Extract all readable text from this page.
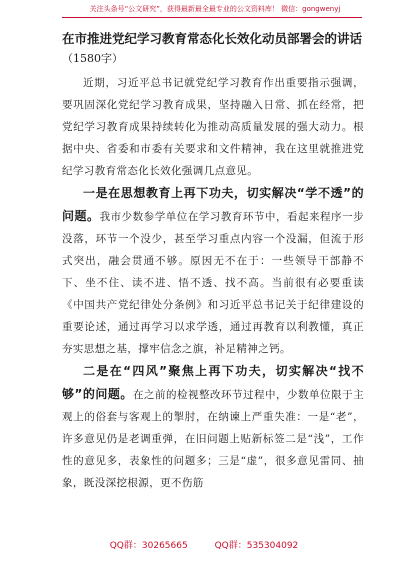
关注头条号“公文研究”，获得最新最全最专业的公文资料库！ 微信：gongwenyj
在市推进党纪学习教育常态化长效化动员部署会的讲话
（1580字）

近期，习近平总书记就党纪学习教育作出重要指示强调，要巩固深化党纪学习教育成果，坚持融入日常、抓在经常，把党纪学习教育成果持续转化为推动高质量发展的强大动力。根据中央、省委和市委有关要求和文件精神，我在这里就推进党纪学习教育常态化长效化强调几点意见。

一是在思想教育上再下功夫，切实解决“学不透”的问题。我市少数参学单位在学习教育环节中，看起来程序一步没落，环节一个没少，甚至学习重点内容一个没漏，但流于形式突出，融会贯通不够。原因无不在于：一些领导干部静不下、坐不住、读不进、悟不透、找不高。当前很有必要重读《中国共产党纪律处分条例》和习近平总书记关于纪律建设的重要论述，通过再学习以求学透，通过再教育以利教懂，真正夯实思想之基，撑牢信念之旗，补足精神之钙。

二是在“四风”聚焦上再下功夫，切实解决“找不够”的问题。在之前的检视整改环节过程中，少数单位限于主观上的俗套与客观上的掣肘，在纳谏上严重失准：一是“老”，许多意见仍是老调重弹，在旧问题上贴新标签二是“浅”，工作性的意见多，表象性的问题多；三是“虚”，很多意见雷同、抽象，既没深挖根源，更不伤筋

QQ群：30265665	QQ群：535304092
